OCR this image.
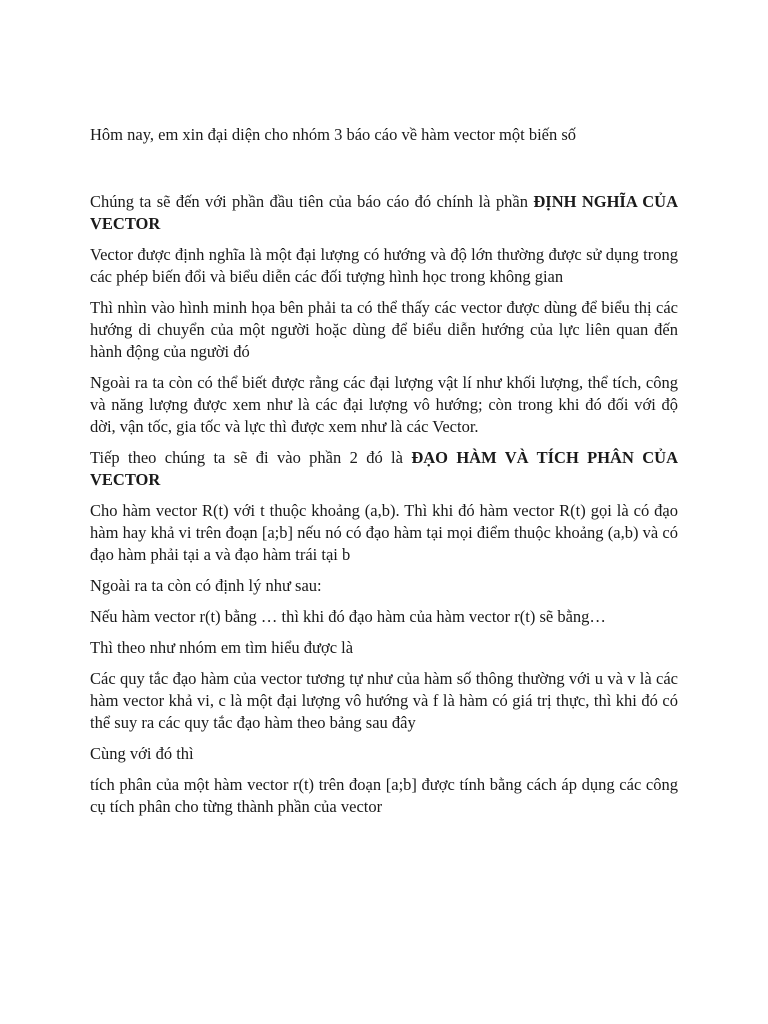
Hôm nay, em xin đại diện cho nhóm 3 báo cáo về hàm vector một biến số

Chúng ta sẽ đến với phần đầu tiên của báo cáo đó chính là phần ĐỊNH NGHĨA CỦA VECTOR

Vector được định nghĩa là một đại lượng có hướng và độ lớn thường được sử dụng trong các phép biến đổi và biểu diễn các đối tượng hình học trong không gian

Thì nhìn vào hình minh họa bên phải ta có thể thấy các vector được dùng để biểu thị các hướng di chuyển của một người hoặc dùng để biểu diễn hướng của lực liên quan đến hành động của người đó

Ngoài ra ta còn có thể biết được rằng các đại lượng vật lí như khối lượng, thể tích, công và năng lượng được xem như là các đại lượng vô hướng; còn trong khi đó đối với độ dời, vận tốc, gia tốc và lực thì được xem như là các Vector.

Tiếp theo chúng ta sẽ đi vào phần 2 đó là ĐẠO HÀM VÀ TÍCH PHÂN CỦA VECTOR

Cho hàm vector R(t) với t thuộc khoảng (a,b). Thì khi đó hàm vector R(t) gọi là có đạo hàm hay khả vi trên đoạn [a;b] nếu nó có đạo hàm tại mọi điểm thuộc khoảng (a,b) và có đạo hàm phải tại a và đạo hàm trái tại b

Ngoài ra ta còn có định lý như sau:

Nếu hàm vector r(t) bằng … thì khi đó đạo hàm của hàm vector r(t) sẽ bằng…

Thì theo như nhóm em tìm hiểu được là

Các quy tắc đạo hàm của vector tương tự như của hàm số thông thường với u và v là các hàm vector khả vi, c là một đại lượng vô hướng và f là hàm có giá trị thực, thì khi đó có thể suy ra các quy tắc đạo hàm theo bảng sau đây

Cùng với đó thì

tích phân của một hàm vector r(t) trên đoạn [a;b] được tính bằng cách áp dụng các công cụ tích phân cho từng thành phần của vector
